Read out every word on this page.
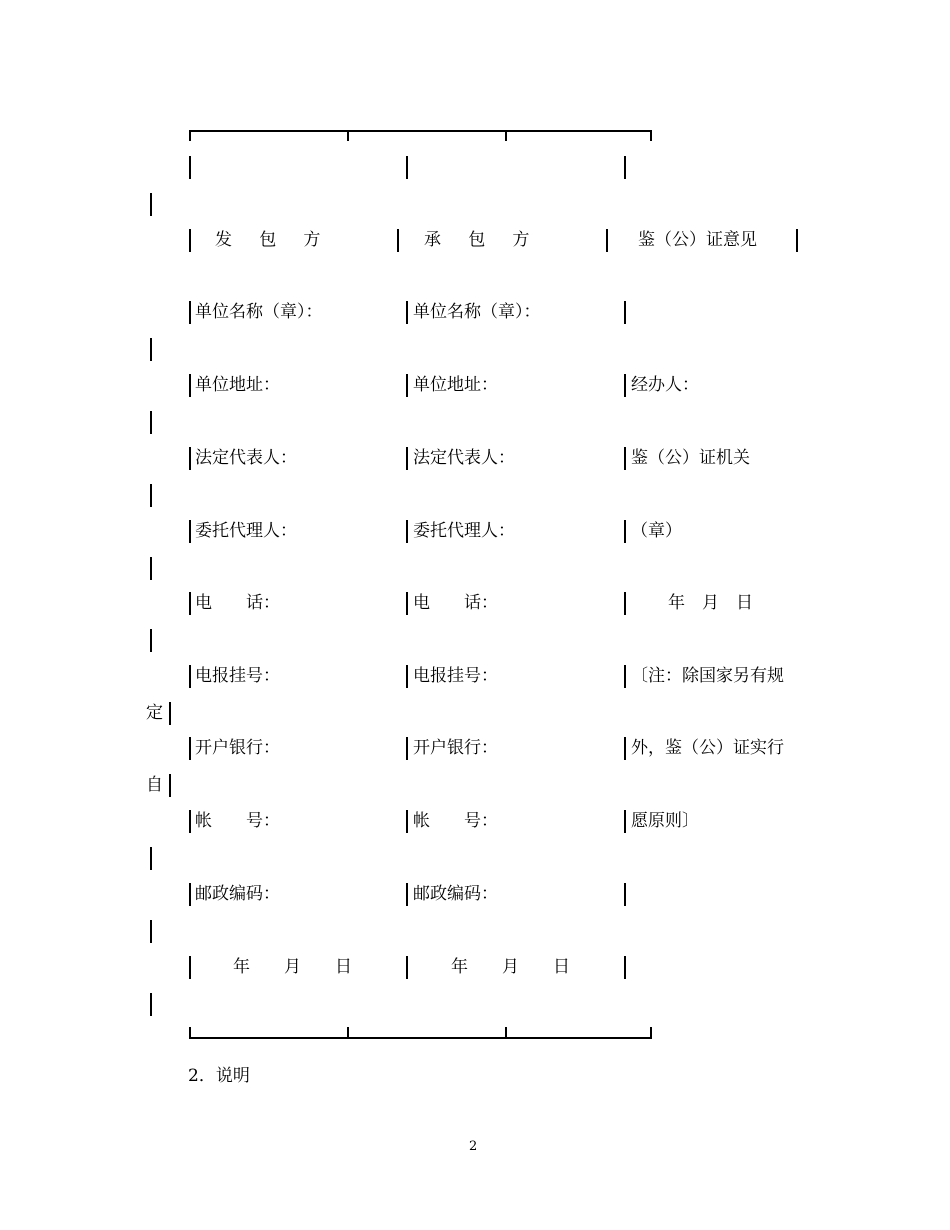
发　包　方	承　包　方	鉴（公）证意见
单位名称（章）：	单位名称（章）：
单位地址：	单位地址：	经办人：
法定代表人：	法定代表人：	鉴（公）证机关
委托代理人：	委托代理人：	（章）
电　　话：	电　　话：	年　月　日
电报挂号：	电报挂号：	〔注：除国家另有规
定
开户银行：	开户银行：	外，鉴（公）证实行
自
帐　　号：	帐　　号：	愿原则〕
邮政编码：	邮政编码：
年　　月　　日	年　　月　　日
2．说明
2
